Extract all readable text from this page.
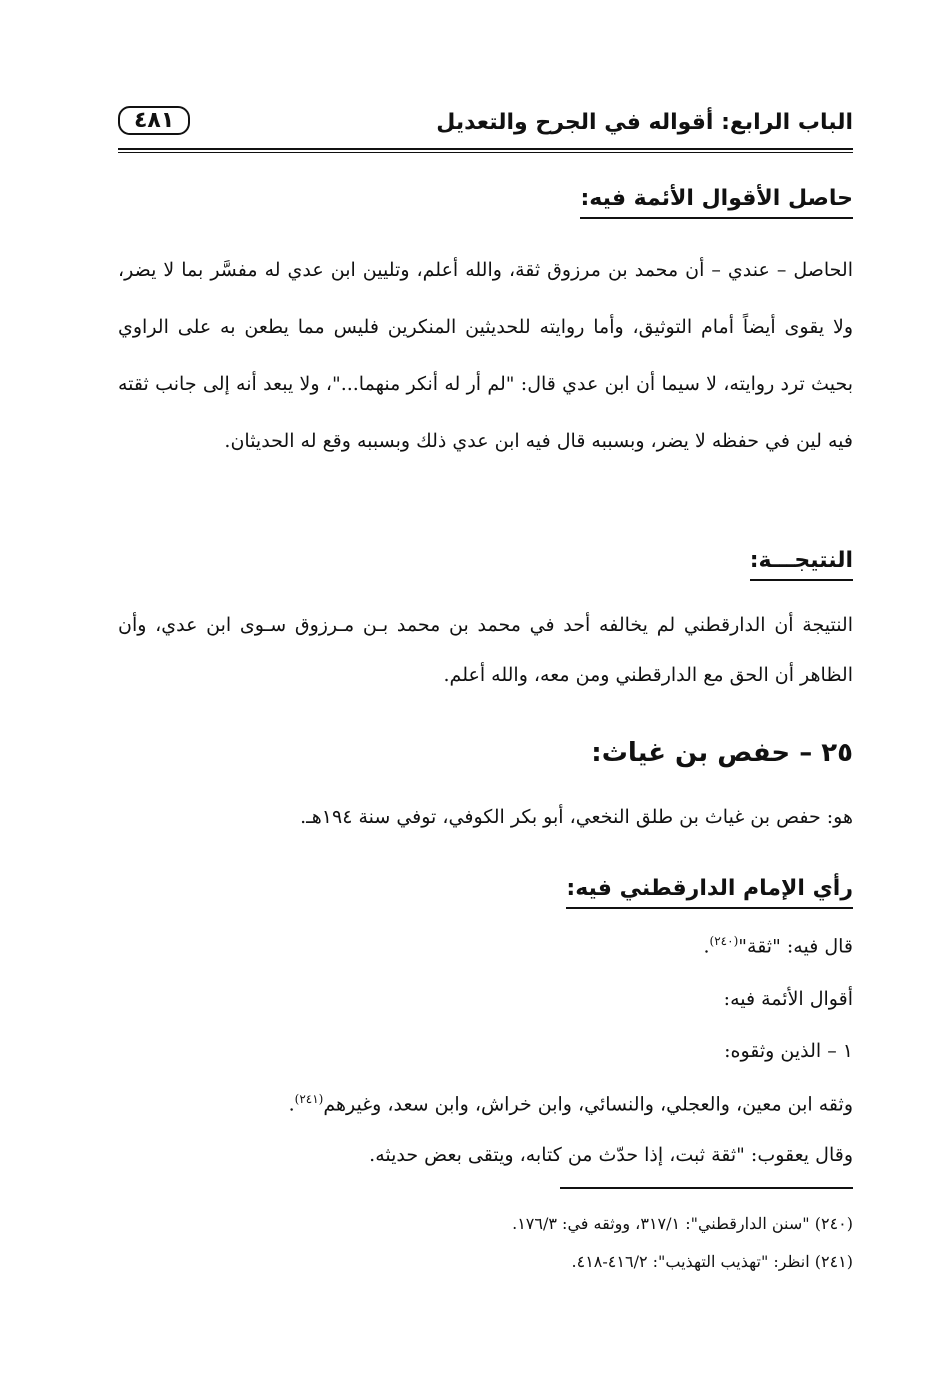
الباب الرابع: أقواله في الجرح والتعديل
٤٨١
حاصل الأقوال الأئمة فيه:
الحاصل – عندي – أن محمد بن مرزوق ثقة، والله أعلم، وتليين ابن عدي له مفسَّر بما لا يضر، ولا يقوى أيضاً أمام التوثيق، وأما روايته للحديثين المنكرين فليس مما يطعن به على الراوي بحيث ترد روايته، لا سيما أن ابن عدي قال: "لم أر له أنكر منهما..."، ولا يبعد أنه إلى جانب ثقته فيه لين في حفظه لا يضر، وبسببه قال فيه ابن عدي ذلك وبسببه وقع له الحديثان.
النتيجـــة:
النتيجة أن الدارقطني لم يخالفه أحد في محمد بن محمد بـن مـرزوق سـوى ابن عدي، وأن الظاهر أن الحق مع الدارقطني ومن معه، والله أعلم.
٢٥ – حفص بن غياث:
هو: حفص بن غياث بن طلق النخعي، أبو بكر الكوفي، توفي سنة ١٩٤هـ.
رأي الإمام الدارقطني فيه:
قال فيه: "ثقة"$^{(٢٤٠)}$.
أقوال الأئمة فيه:
١ – الذين وثقوه:
وثقه ابن معين، والعجلي، والنسائي، وابن خراش، وابن سعد، وغيرهم$^{(٢٤١)}$.
وقال يعقوب: "ثقة ثبت، إذا حدّث من كتابه، ويتقى بعض حديثه.
(٢٤٠) "سنن الدارقطني": ٣١٧/١، ووثقه في: ١٧٦/٣.
(٢٤١) انظر: "تهذيب التهذيب": ٤١٦/٢-٤١٨.
